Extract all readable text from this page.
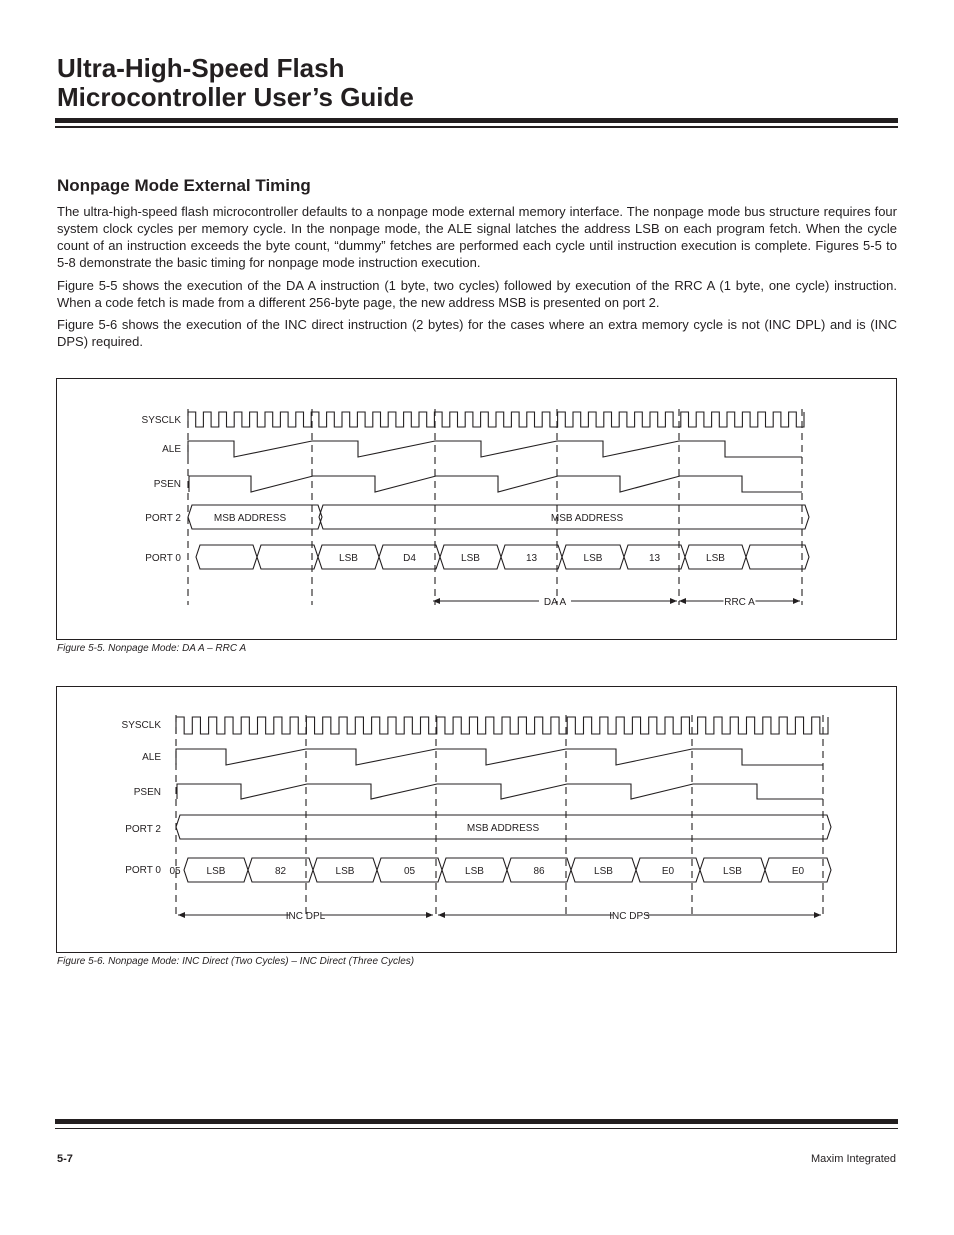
Ultra-High-Speed Flash
Microcontroller User’s Guide
Nonpage Mode External Timing

The ultra-high-speed flash microcontroller defaults to a nonpage mode external memory interface. The nonpage mode bus structure requires four system clock cycles per memory cycle. In the nonpage mode, the ALE signal latches the address LSB on each program fetch. When the cycle count of an instruction exceeds the byte count, “dummy” fetches are performed each cycle until instruction execution is complete. Figures 5-5 to 5-8 demonstrate the basic timing for nonpage mode instruction execution.

Figure 5-5 shows the execution of the DA A instruction (1 byte, two cycles) followed by execution of the RRC A (1 byte, one cycle) instruction. When a code fetch is made from a different 256-byte page, the new address MSB is presented on port 2.

Figure 5-6 shows the execution of the INC direct instruction (2 bytes) for the cases where an extra memory cycle is not (INC DPL) and is (INC DPS) required.

SYSCLK
ALE
PSEN
PORT 2
PORT 0
MSB ADDRESS	MSB ADDRESS
LSB	D4	LSB	13	LSB	13	LSB
DA A	RRC A

Figure 5-5. Nonpage Mode: DA A – RRC A

SYSCLK
ALE
PSEN
PORT 2
PORT 0
MSB ADDRESS
05	LSB	82	LSB	05	LSB	86	LSB	E0	LSB	E0
INC DPL	INC DPS

Figure 5-6. Nonpage Mode: INC Direct (Two Cycles) – INC Direct (Three Cycles)

5-7	Maxim Integrated
